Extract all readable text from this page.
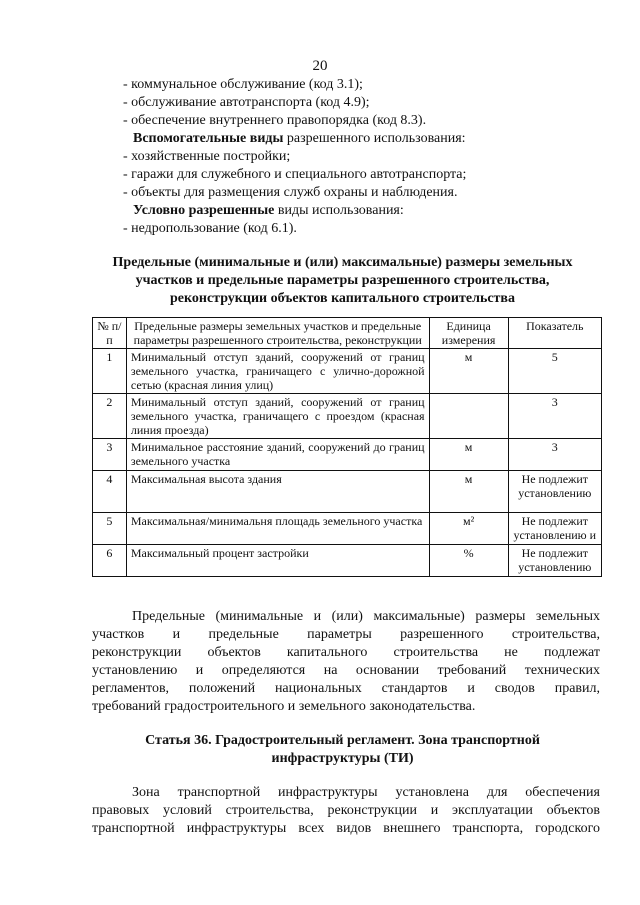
20
- коммунальное обслуживание (код 3.1);
- обслуживание автотранспорта (код 4.9);
- обеспечение внутреннего правопорядка (код 8.3).
Вспомогательные виды разрешенного использования:
- хозяйственные постройки;
- гаражи для служебного и специального автотранспорта;
- объекты для размещения служб охраны и наблюдения.
Условно разрешенные виды использования:
- недропользование (код 6.1).
Предельные (минимальные и (или) максимальные) размеры земельных
участков и предельные параметры разрешенного строительства,
реконструкции объектов капитального строительства
№ п/п	Предельные размеры земельных участков и предельные параметры разрешенного строительства, реконструкции	Единица измерения	Показатель
1	Минимальный отступ зданий, сооружений от границ земельного участка, граничащего с улично-дорожной сетью (красная линия улиц)	м	5
2	Минимальный отступ зданий, сооружений от границ земельного участка, граничащего с проездом (красная линия проезда)		3
3	Минимальное расстояние зданий, сооружений до границ земельного участка	м	3
4	Максимальная высота здания	м	Не подлежит установлению
5	Максимальная/минимальня площадь земельного участка	м²	Не подлежит установлению и
6	Максимальный процент застройки	%	Не подлежит установлению
Предельные (минимальные и (или) максимальные) размеры земельных
участков и предельные параметры разрешенного строительства,
реконструкции объектов капитального строительства не подлежат
установлению и определяются на основании требований технических
регламентов, положений национальных стандартов и сводов правил,
требований градостроительного и земельного законодательства.
Статья 36. Градостроительный регламент. Зона транспортной
инфраструктуры (ТИ)
Зона транспортной инфраструктуры установлена для обеспечения
правовых условий строительства, реконструкции и эксплуатации объектов
транспортной инфраструктуры всех видов внешнего транспорта, городского
